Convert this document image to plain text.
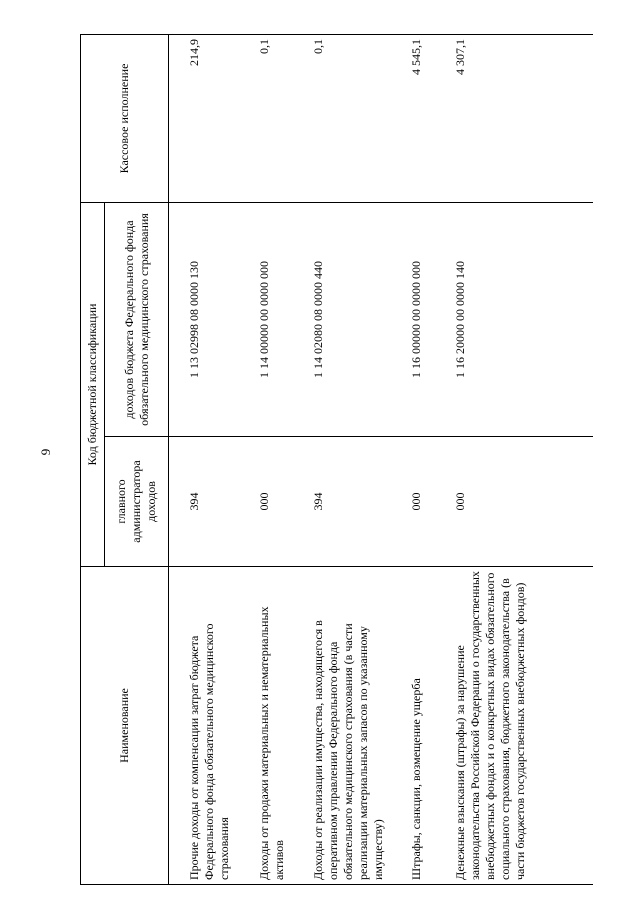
9
Наименование	Код бюджетной классификации		Кассовое исполнение
	главного администратора доходов	доходов бюджета Федерального фонда обязательного медицинского страхования	
Прочие доходы от компенсации затрат бюджета Федерального фонда обязательного медицинского страхования	394	1 13 02998 08 0000 130	214,9
Доходы от продажи материальных и нематериальных активов	000	1 14 00000 00 0000 000	0,1
Доходы от реализации имущества, находящегося в оперативном управлении Федерального фонда обязательного медицинского страхования (в части реализации материальных запасов по указанному имуществу)	394	1 14 02080 08 0000 440	0,1
Штрафы, санкции, возмещение ущерба	000	1 16 00000 00 0000 000	4 545,1
Денежные взыскания (штрафы) за нарушение законодательства Российской Федерации о государственных внебюджетных фондах и о конкретных видах обязательного социального страхования, бюджетного законодательства (в части бюджетов государственных внебюджетных фондов)	000	1 16 20000 00 0000 140	4 307,1
